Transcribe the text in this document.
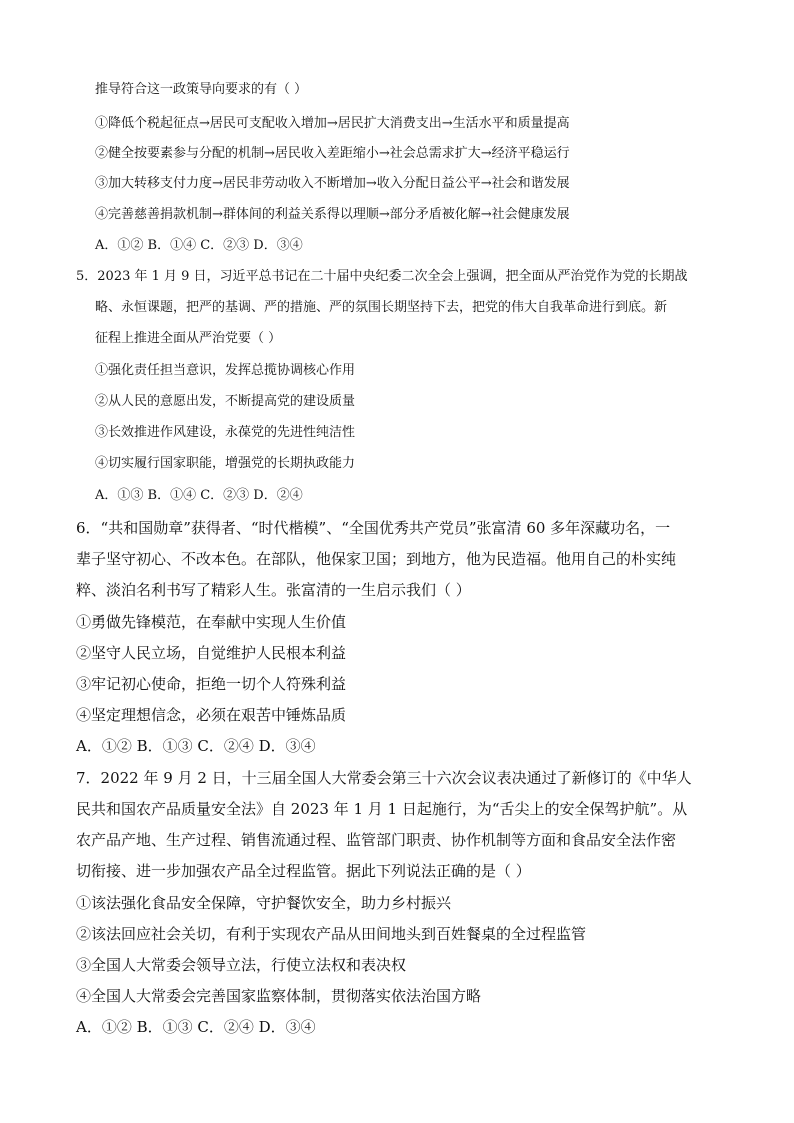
推导符合这一政策导向要求的有（ ）
①降低个税起征点→居民可支配收入增加→居民扩大消费支出→生活水平和质量提高
②健全按要素参与分配的机制→居民收入差距缩小→社会总需求扩大→经济平稳运行
③加大转移支付力度→居民非劳动收入不断增加→收入分配日益公平→社会和谐发展
④完善慈善捐款机制→群体间的利益关系得以理顺→部分矛盾被化解→社会健康发展
A．①② B．①④ C．②③ D．③④
5．2023 年 1 月 9 日，习近平总书记在二十届中央纪委二次全会上强调，把全面从严治党作为党的长期战
略、永恒课题，把严的基调、严的措施、严的氛围长期坚持下去，把党的伟大自我革命进行到底。新
征程上推进全面从严治党要（ ）
①强化责任担当意识，发挥总揽协调核心作用
②从人民的意愿出发，不断提高党的建设质量
③长效推进作风建设，永葆党的先进性纯洁性
④切实履行国家职能，增强党的长期执政能力
A．①③ B．①④ C．②③ D．②④
6．“共和国勋章”获得者、“时代楷模”、“全国优秀共产党员”张富清 60 多年深藏功名，一
辈子坚守初心、不改本色。在部队，他保家卫国；到地方，他为民造福。他用自己的朴实纯
粹、淡泊名利书写了精彩人生。张富清的一生启示我们（ ）
①勇做先锋模范，在奉献中实现人生价值
②坚守人民立场，自觉维护人民根本利益
③牢记初心使命，拒绝一切个人符殊利益
④坚定理想信念，必须在艰苦中锤炼品质
A．①② B．①③ C．②④ D．③④
7．2022 年 9 月 2 日，十三届全国人大常委会第三十六次会议表决通过了新修订的《中华人
民共和国农产品质量安全法》自 2023 年 1 月 1 日起施行，为“舌尖上的安全保驾护航”。从
农产品产地、生产过程、销售流通过程、监管部门职责、协作机制等方面和食品安全法作密
切衔接、进一步加强农产品全过程监管。据此下列说法正确的是（ ）
①该法强化食品安全保障，守护餐饮安全，助力乡村振兴
②该法回应社会关切，有利于实现农产品从田间地头到百姓餐桌的全过程监管
③全国人大常委会领导立法，行使立法权和表决权
④全国人大常委会完善国家监察体制，贯彻落实依法治国方略
A．①② B．①③ C．②④ D．③④
